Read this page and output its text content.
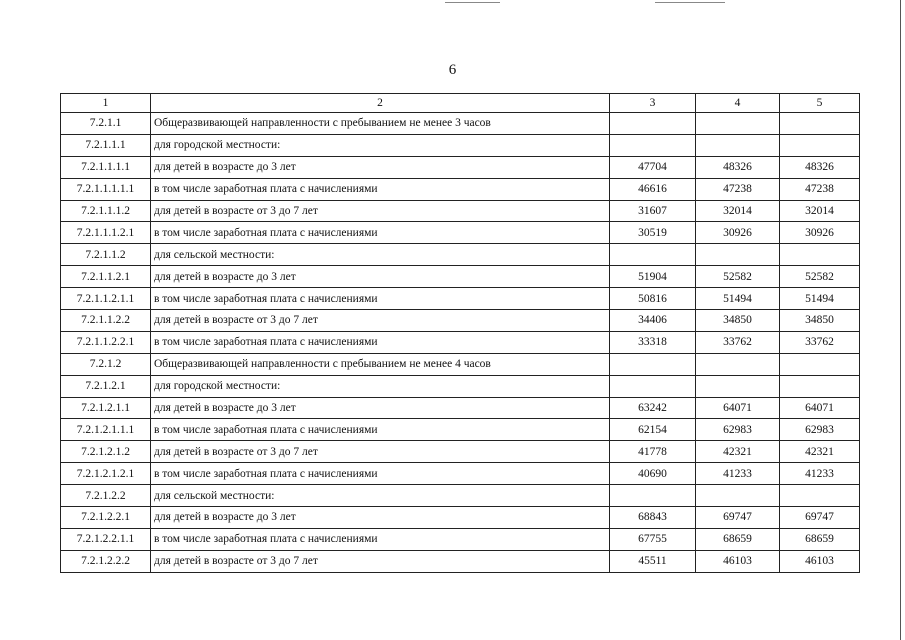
6
1	2	3	4	5
7.2.1.1	Общеразвивающей направленности с пребыванием не менее 3 часов			
7.2.1.1.1	для городской местности:			
7.2.1.1.1.1	для детей в возрасте до 3 лет	47704	48326	48326
7.2.1.1.1.1.1	в том числе заработная плата с начислениями	46616	47238	47238
7.2.1.1.1.2	для детей в возрасте от 3 до 7 лет	31607	32014	32014
7.2.1.1.1.2.1	в том числе заработная плата с начислениями	30519	30926	30926
7.2.1.1.2	для сельской местности:			
7.2.1.1.2.1	для детей в возрасте до 3 лет	51904	52582	52582
7.2.1.1.2.1.1	в том числе заработная плата с начислениями	50816	51494	51494
7.2.1.1.2.2	для детей в возрасте от 3 до 7 лет	34406	34850	34850
7.2.1.1.2.2.1	в том числе заработная плата с начислениями	33318	33762	33762
7.2.1.2	Общеразвивающей направленности с пребыванием не менее 4 часов			
7.2.1.2.1	для городской местности:			
7.2.1.2.1.1	для детей в возрасте до 3 лет	63242	64071	64071
7.2.1.2.1.1.1	в том числе заработная плата с начислениями	62154	62983	62983
7.2.1.2.1.2	для детей в возрасте от 3 до 7 лет	41778	42321	42321
7.2.1.2.1.2.1	в том числе заработная плата с начислениями	40690	41233	41233
7.2.1.2.2	для сельской местности:			
7.2.1.2.2.1	для детей в возрасте до 3 лет	68843	69747	69747
7.2.1.2.2.1.1	в том числе заработная плата с начислениями	67755	68659	68659
7.2.1.2.2.2	для детей в возрасте от 3 до 7 лет	45511	46103	46103
